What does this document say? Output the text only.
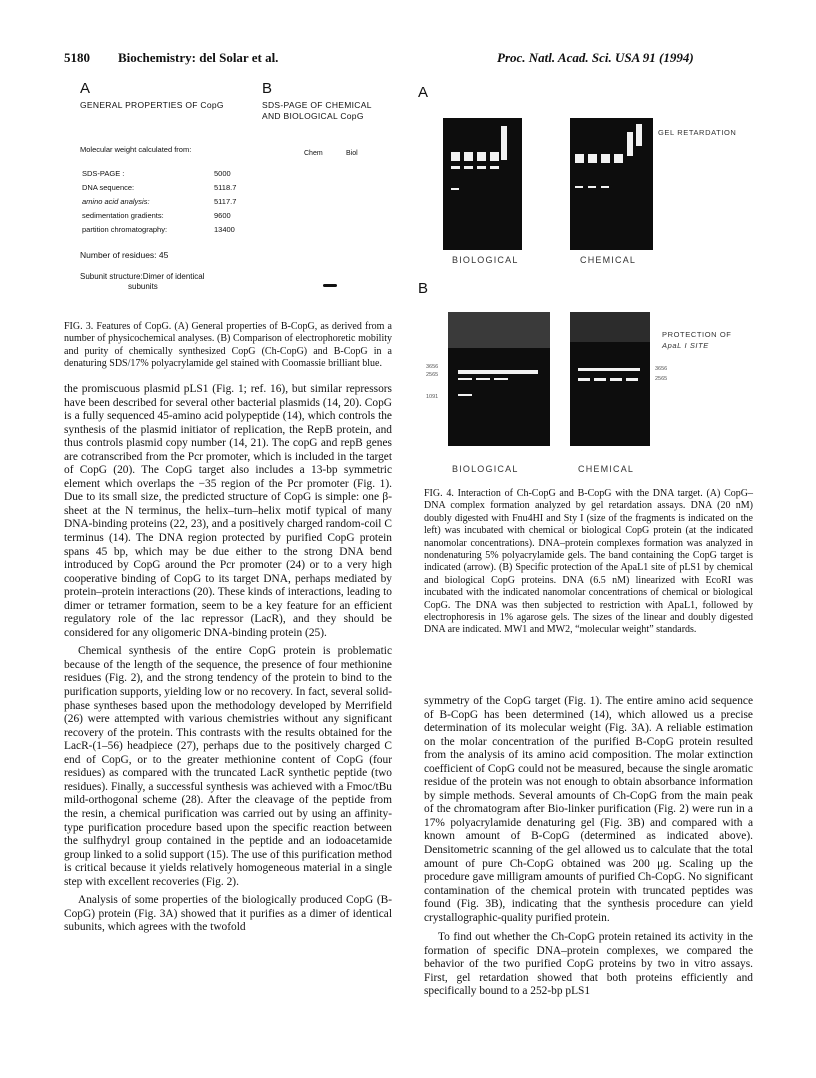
5180 Biochemistry: del Solar et al.	Proc. Natl. Acad. Sci. USA 91 (1994)
A
GENERAL PROPERTIES OF CopG
Molecular weight calculated from:
SDS-PAGE :	5000
DNA sequence:	5118.7
amino acid analysis:	5117.7
sedimentation gradients:	9600
partition chromatography:	13400
Number of residues: 45
Subunit structure:Dimer of identical
subunits
B
SDS-PAGE OF CHEMICAL
AND BIOLOGICAL CopG
Chem	Biol
FIG. 3. Features of CopG. (A) General properties of B-CopG, as derived from a number of physicochemical analyses. (B) Comparison of electrophoretic mobility and purity of chemically synthesized CopG (Ch-CopG) and B-CopG in a denaturing SDS/17% polyacrylamide gel stained with Coomassie brilliant blue.
A
B
GEL RETARDATION
BIOLOGICAL	CHEMICAL
3656
2565
1091
PROTECTION OF
ApaL I SITE
3656
2565
BIOLOGICAL	CHEMICAL
FIG. 4. Interaction of Ch-CopG and B-CopG with the DNA target. (A) CopG–DNA complex formation analyzed by gel retardation assays. DNA (20 nM) doubly digested with Fnu4HI and Sty I (size of the fragments is indicated on the left) was incubated with chemical or biological CopG protein (at the indicated nanomolar concentrations). DNA–protein complexes formation was analyzed in nondenaturing 5% polyacrylamide gels. The band containing the CopG target is indicated (arrow). (B) Specific protection of the ApaL1 site of pLS1 by chemical and biological CopG proteins. DNA (6.5 nM) linearized with EcoRI was incubated with the indicated nanomolar concentrations of chemical or biological CopG. The DNA was then subjected to restriction with ApaL1, followed by electrophoresis in 1% agarose gels. The sizes of the linear and doubly digested DNA are indicated. MW1 and MW2, “molecular weight” standards.

the promiscuous plasmid pLS1 (Fig. 1; ref. 16), but similar repressors have been described for several other bacterial plasmids (14, 20). CopG is a fully sequenced 45-amino acid polypeptide (14), which controls the synthesis of the plasmid initiator of replication, the RepB protein, and thus controls plasmid copy number (14, 21). The copG and repB genes are cotranscribed from the Pcr promoter, which is included in the target of CopG (20). The CopG target also includes a 13-bp symmetric element which overlaps the −35 region of the Pcr promoter (Fig. 1). Due to its small size, the predicted structure of CopG is simple: one β-sheet at the N terminus, the helix–turn–helix motif typical of many DNA-binding proteins (22, 23), and a positively charged random-coil C terminus (14). The DNA region protected by purified CopG protein spans 45 bp, which may be due either to the strong DNA bend introduced by CopG around the Pcr promoter (24) or to a very high cooperative binding of CopG to its target DNA, perhaps mediated by protein–protein interactions (20). These kinds of interactions, leading to dimer or tetramer formation, seem to be a key feature for an efficient regulatory role of the lac repressor (LacR), and they should be considered for any oligomeric DNA-binding protein (25).

Chemical synthesis of the entire CopG protein is problematic because of the length of the sequence, the presence of four methionine residues (Fig. 2), and the strong tendency of the protein to bind to the purification supports, yielding low or no recovery. In fact, several solid-phase syntheses based upon the methodology developed by Merrifield (26) were attempted with various chemistries without any significant recovery of the protein. This contrasts with the results obtained for the LacR-(1–56) headpiece (27), perhaps due to the positively charged C end of CopG, or to the greater methionine content of CopG (four residues) as compared with the truncated LacR synthetic peptide (two residues). Finally, a successful synthesis was achieved with a Fmoc/tBu mild-orthogonal scheme (28). After the cleavage of the peptide from the resin, a chemical purification was carried out by using an affinity-type purification procedure based upon the specific reaction between the sulfhydryl group contained in the peptide and an iodoacetamide group linked to a solid support (15). The use of this purification method is critical because it yields relatively homogeneous material in a single step with excellent recoveries (Fig. 2).

Analysis of some properties of the biologically produced CopG (B-CopG) protein (Fig. 3A) showed that it purifies as a dimer of identical subunits, which agrees with the twofold

symmetry of the CopG target (Fig. 1). The entire amino acid sequence of B-CopG has been determined (14), which allowed us a precise determination of its molecular weight (Fig. 3A). A reliable estimation on the molar concentration of the purified B-CopG protein resulted from the analysis of its amino acid composition. The molar extinction coefficient of CopG could not be measured, because the single aromatic residue of the protein was not enough to obtain absorbance information by simple methods. Several amounts of Ch-CopG from the main peak of the chromatogram after Bio-linker purification (Fig. 2) were run in a 17% polyacrylamide denaturing gel (Fig. 3B) and compared with a known amount of B-CopG (determined as indicated above). Densitometric scanning of the gel allowed us to calculate that the total amount of pure Ch-CopG obtained was 200 μg. Scaling up the procedure gave milligram amounts of purified Ch-CopG. No significant contamination of the chemical protein with truncated peptides was found (Fig. 3B), indicating that the synthesis procedure can yield crystallographic-quality purified protein.

To find out whether the Ch-CopG protein retained its activity in the formation of specific DNA–protein complexes, we compared the behavior of the two purified CopG proteins by two in vitro assays. First, gel retardation showed that both proteins efficiently and specifically bound to a 252-bp pLS1
